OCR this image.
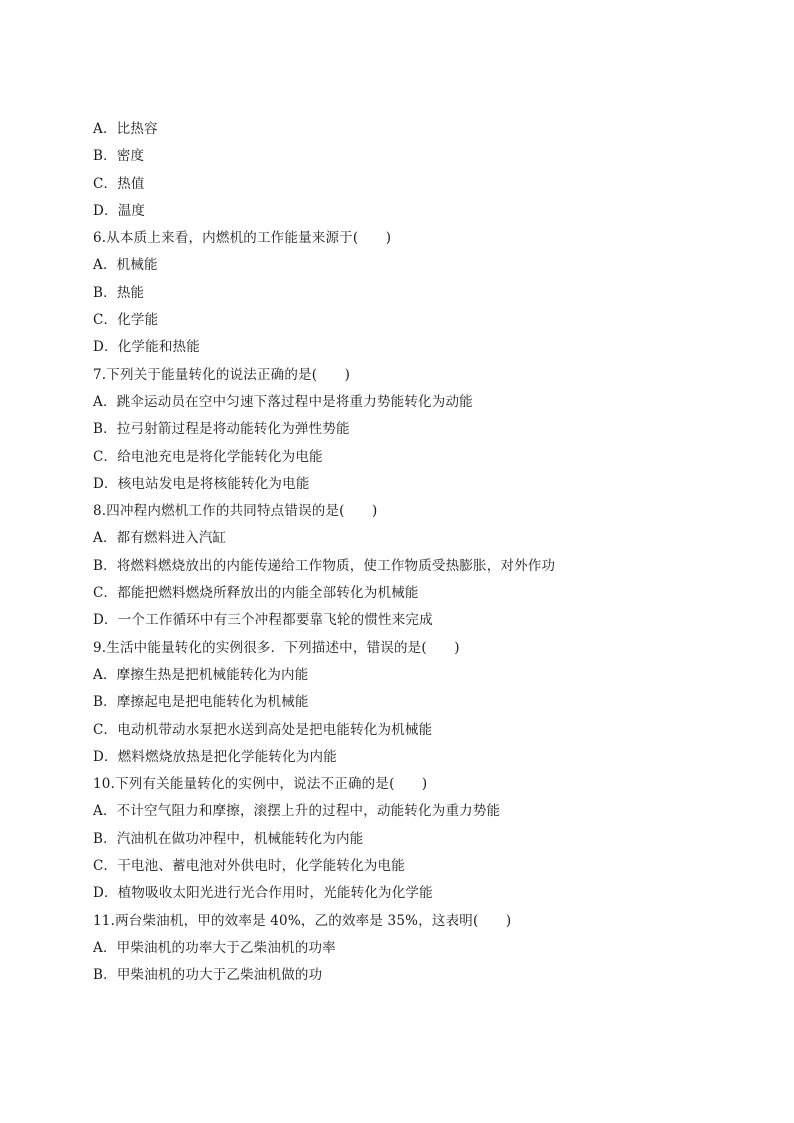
A．比热容
B．密度
C．热值
D．温度
6.从本质上来看，内燃机的工作能量来源于(　　)
A．机械能
B．热能
C．化学能
D．化学能和热能
7.下列关于能量转化的说法正确的是(　　)
A．跳伞运动员在空中匀速下落过程中是将重力势能转化为动能
B．拉弓射箭过程是将动能转化为弹性势能
C．给电池充电是将化学能转化为电能
D．核电站发电是将核能转化为电能
8.四冲程内燃机工作的共同特点错误的是(　　)
A．都有燃料进入汽缸
B．将燃料燃烧放出的内能传递给工作物质，使工作物质受热膨胀，对外作功
C．都能把燃料燃烧所释放出的内能全部转化为机械能
D．一个工作循环中有三个冲程都要靠飞轮的惯性来完成
9.生活中能量转化的实例很多．下列描述中，错误的是(　　)
A．摩擦生热是把机械能转化为内能
B．摩擦起电是把电能转化为机械能
C．电动机带动水泵把水送到高处是把电能转化为机械能
D．燃料燃烧放热是把化学能转化为内能
10.下列有关能量转化的实例中，说法不正确的是(　　)
A．不计空气阻力和摩擦，滚摆上升的过程中，动能转化为重力势能
B．汽油机在做功冲程中，机械能转化为内能
C．干电池、蓄电池对外供电时，化学能转化为电能
D．植物吸收太阳光进行光合作用时，光能转化为化学能
11.两台柴油机，甲的效率是 40%，乙的效率是 35%，这表明(　　)
A．甲柴油机的功率大于乙柴油机的功率
B．甲柴油机的功大于乙柴油机做的功
